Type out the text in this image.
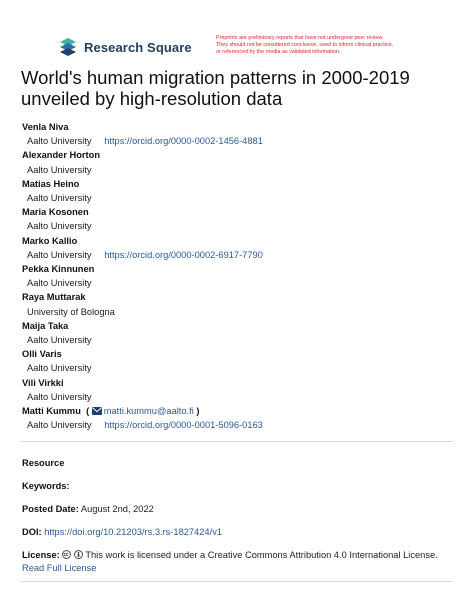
Research Square
Preprints are preliminary reports that have not undergone peer review.
They should not be considered conclusive, used to inform clinical practice,
or referenced by the media as validated information.
World's human migration patterns in 2000-2019 unveiled by high-resolution data
Venla Niva
Aalto University https://orcid.org/0000-0002-1456-4881
Alexander Horton
Aalto University
Matias Heino
Aalto University
Maria Kosonen
Aalto University
Marko Kallio
Aalto University https://orcid.org/0000-0002-6917-7790
Pekka Kinnunen
Aalto University
Raya Muttarak
University of Bologna
Maija Taka
Aalto University
Olli Varis
Aalto University
Vili Virkki
Aalto University
Matti Kummu  ( matti.kummu@aalto.fi )
Aalto University https://orcid.org/0000-0001-5096-0163
Resource
Keywords:
Posted Date: August 2nd, 2022
DOI: https://doi.org/10.21203/rs.3.rs-1827424/v1
License:	This work is licensed under a Creative Commons Attribution 4.0 International License.
Read Full License
